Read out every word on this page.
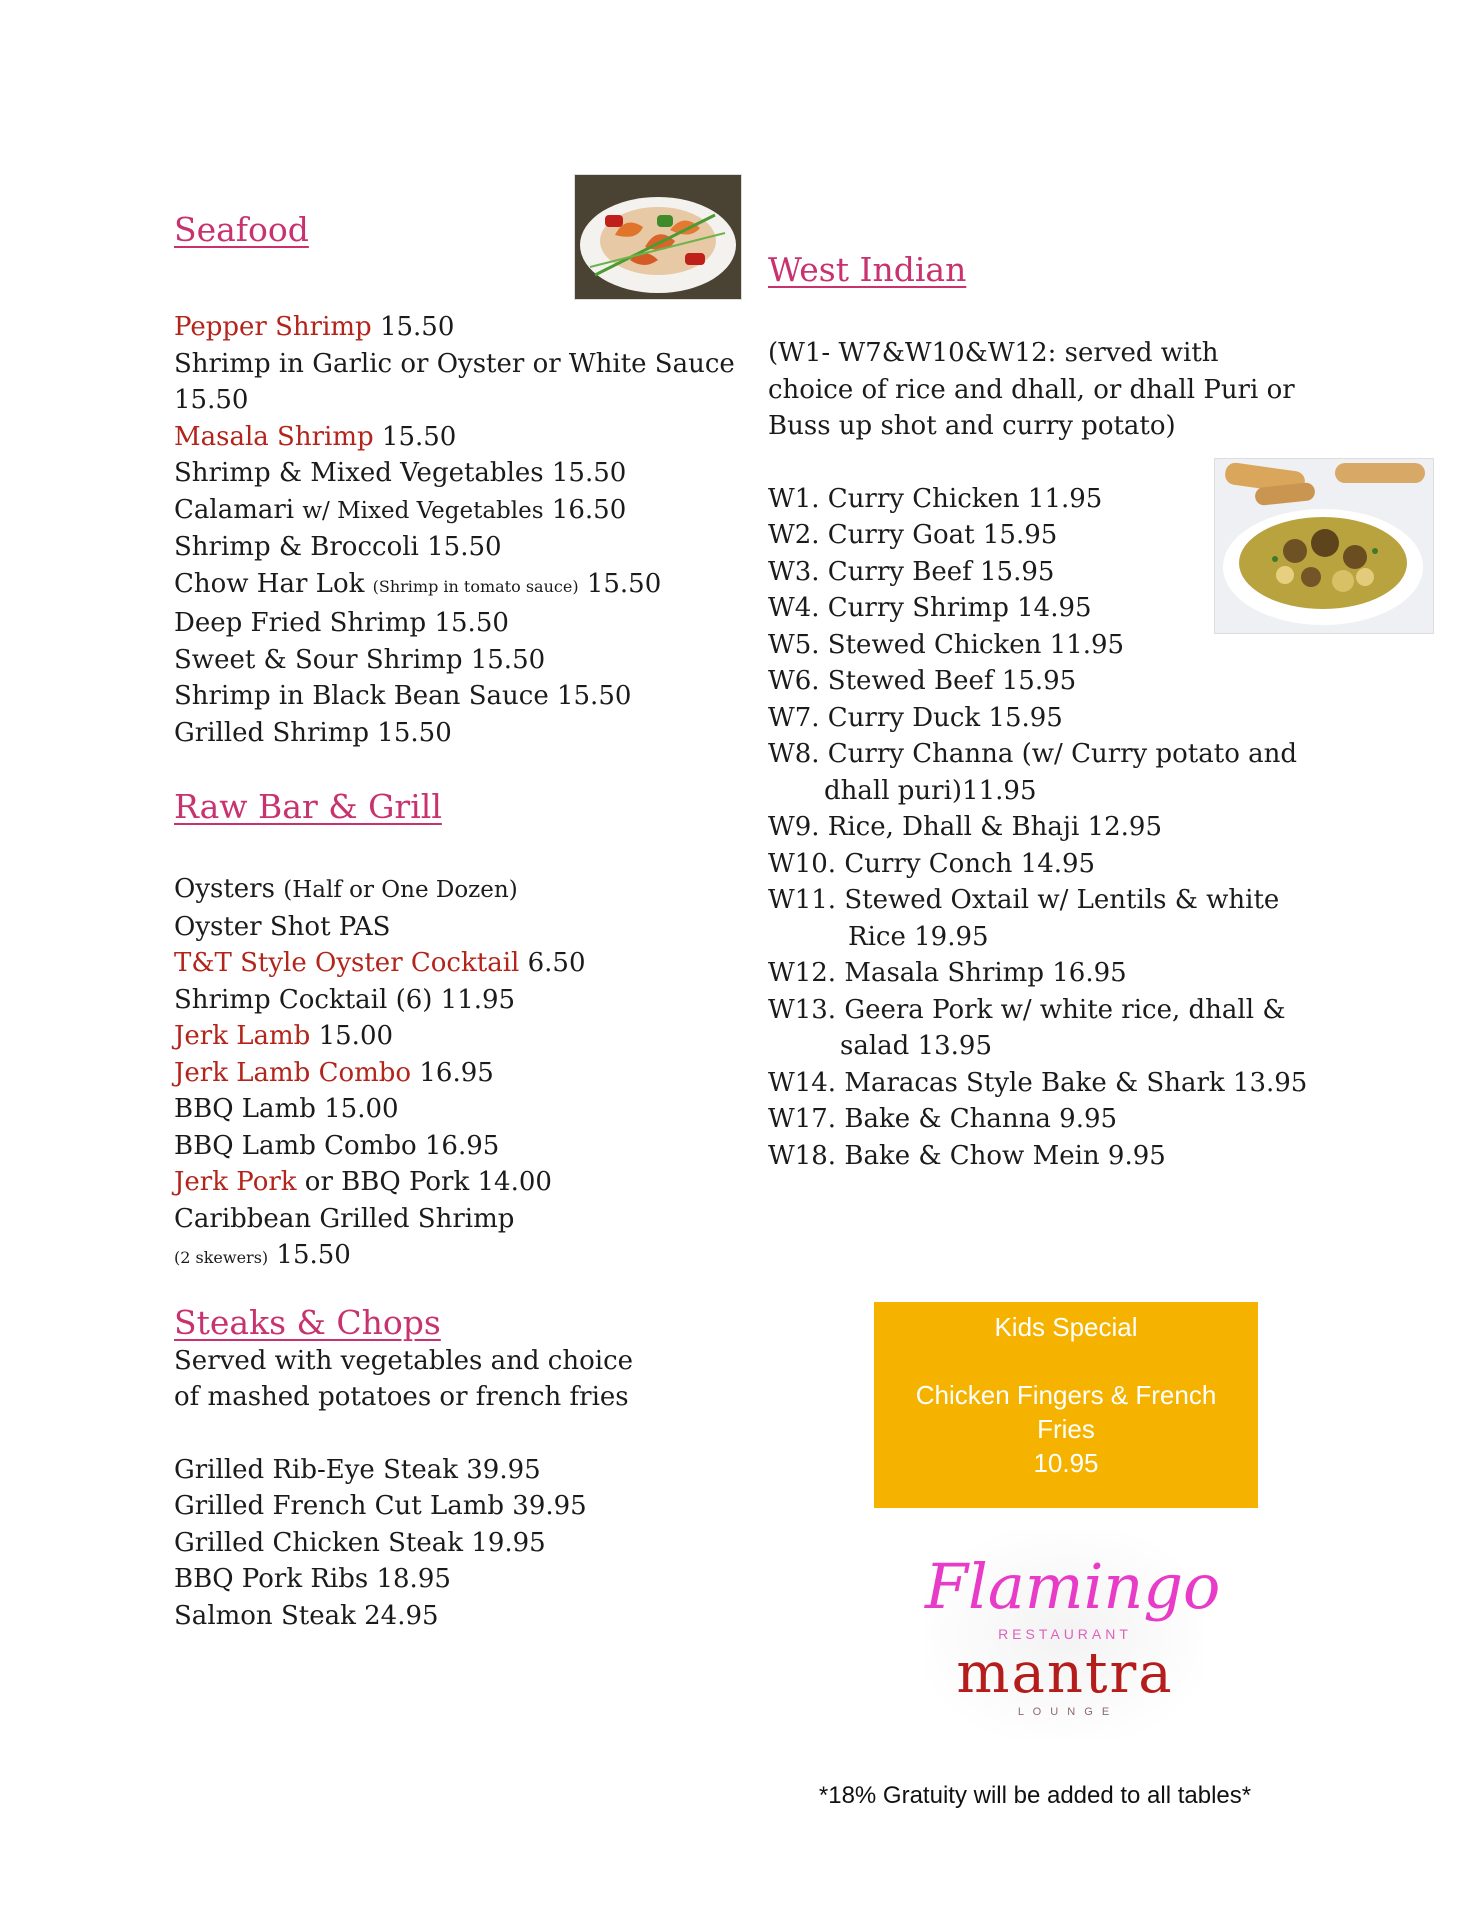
Seafood

Pepper Shrimp 15.50

Shrimp in Garlic or Oyster or White Sauce

15.50

Masala Shrimp 15.50

Shrimp & Mixed Vegetables 15.50

Calamari w/ Mixed Vegetables 16.50

Shrimp & Broccoli 15.50

Chow Har Lok (Shrimp in tomato sauce) 15.50

Deep Fried Shrimp 15.50

Sweet & Sour Shrimp 15.50

Shrimp in Black Bean Sauce 15.50

Grilled Shrimp 15.50

Raw Bar & Grill

Oysters (Half or One Dozen)

Oyster Shot PAS

T&T Style Oyster Cocktail 6.50

Shrimp Cocktail (6) 11.95

Jerk Lamb 15.00

Jerk Lamb Combo 16.95

BBQ Lamb 15.00

BBQ Lamb Combo 16.95

Jerk Pork or BBQ Pork 14.00

Caribbean Grilled Shrimp

(2 skewers) 15.50

Steaks & Chops

Served with vegetables and choice of mashed potatoes or french fries

Grilled Rib-Eye Steak 39.95

Grilled French Cut Lamb 39.95

Grilled Chicken Steak 19.95

BBQ Pork Ribs 18.95

Salmon Steak 24.95

West Indian

(W1- W7&W10&W12: served with choice of rice and dhall, or dhall Puri or Buss up shot and curry potato)

W1. Curry Chicken 11.95

W2. Curry Goat 15.95

W3. Curry Beef 15.95

W4. Curry Shrimp 14.95

W5. Stewed Chicken 11.95

W6. Stewed Beef 15.95

W7. Curry Duck 15.95

W8. Curry Channa (w/ Curry potato and

dhall puri)11.95

W9. Rice, Dhall & Bhaji 12.95

W10. Curry Conch 14.95

W11. Stewed Oxtail w/ Lentils & white

Rice 19.95

W12. Masala Shrimp 16.95

W13. Geera Pork w/ white rice, dhall &

salad 13.95

W14. Maracas Style Bake & Shark 13.95

W17. Bake & Channa 9.95

W18. Bake & Chow Mein 9.95

Kids Special
Chicken Fingers & French Fries
10.95
Flamingo
RESTAURANT
mantra
L O U N G E
*18% Gratuity will be added to all tables*
